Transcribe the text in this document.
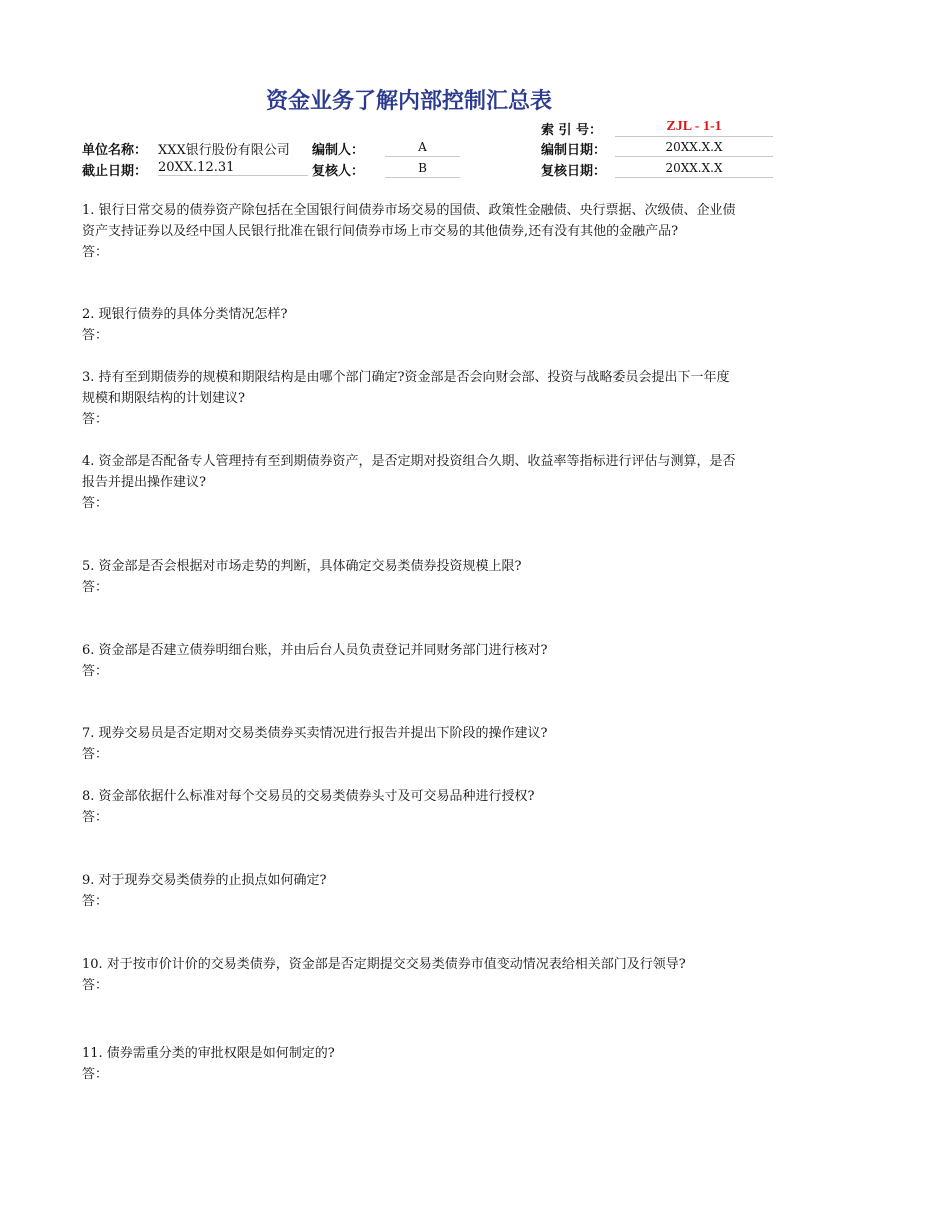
资金业务了解内部控制汇总表
索 引 号：	ZJL - 1-1
单位名称： XXX银行股份有限公司	编制人：	A	编制日期：	20XX.X.X
截止日期： 20XX.12.31	复核人：	B	复核日期：	20XX.X.X
1. 银行日常交易的债券资产除包括在全国银行间债券市场交易的国债、政策性金融债、央行票据、次级债、企业债
资产支持证券以及经中国人民银行批准在银行间债券市场上市交易的其他债券,还有没有其他的金融产品?
答：
2. 现银行债券的具体分类情况怎样?
答：
3. 持有至到期债券的规模和期限结构是由哪个部门确定?资金部是否会向财会部、投资与战略委员会提出下一年度
规模和期限结构的计划建议?
答：
4. 资金部是否配备专人管理持有至到期债券资产，是否定期对投资组合久期、收益率等指标进行评估与测算，是否
报告并提出操作建议?
答：
5. 资金部是否会根据对市场走势的判断，具体确定交易类债券投资规模上限?
答：
6. 资金部是否建立债券明细台账，并由后台人员负责登记并同财务部门进行核对?
答：
7. 现券交易员是否定期对交易类债券买卖情况进行报告并提出下阶段的操作建议?
答：
8. 资金部依据什么标准对每个交易员的交易类债券头寸及可交易品种进行授权?
答：
9. 对于现券交易类债券的止损点如何确定?
答：
10. 对于按市价计价的交易类债券，资金部是否定期提交交易类债券市值变动情况表给相关部门及行领导?
答：
11. 债券需重分类的审批权限是如何制定的?
答：
